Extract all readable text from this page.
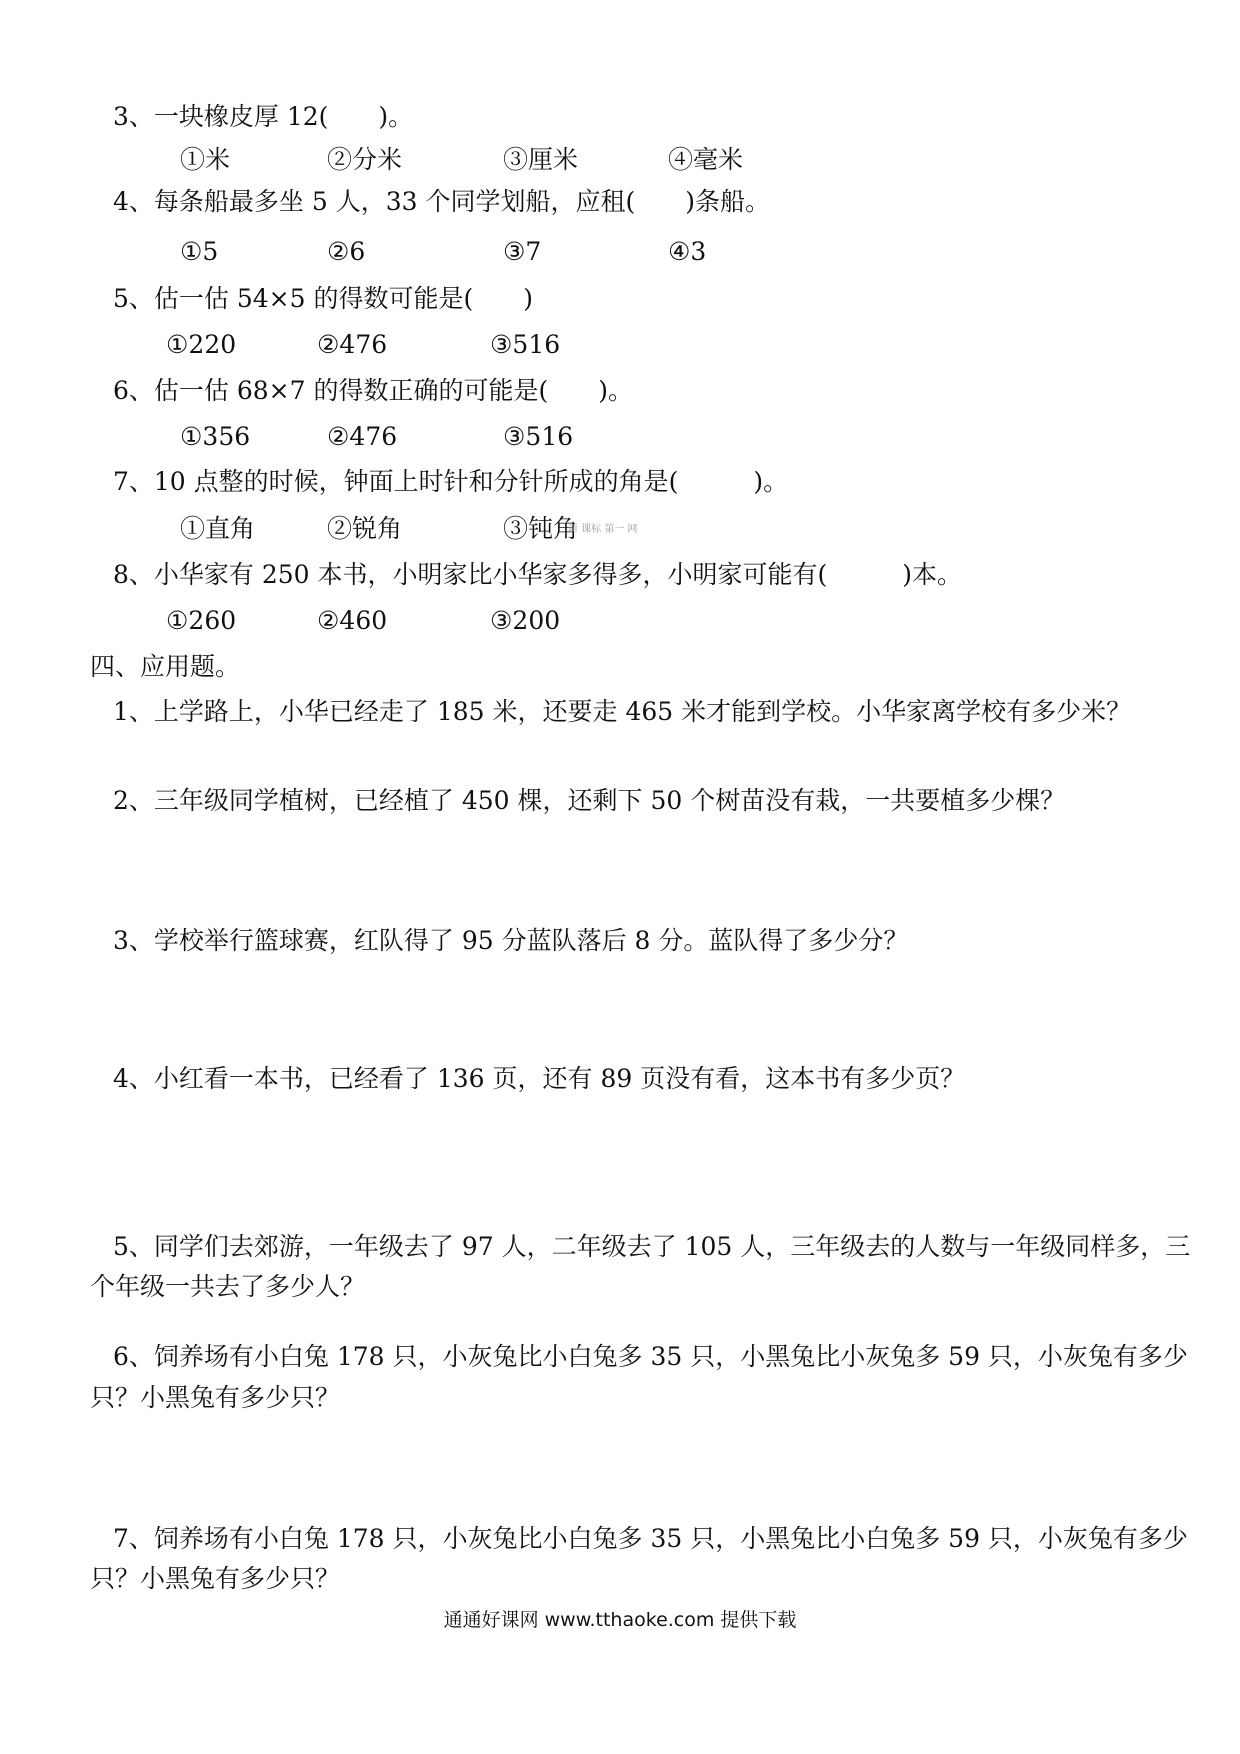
3、一块橡皮厚 12(　　)。
①米	②分米	③厘米	④毫米
4、每条船最多坐 5 人，33 个同学划船，应租(　　)条船。
①5	②6	③7	④3
5、估一估 54×5 的得数可能是(　　)
①220	②476	③516
6、估一估 68×7 的得数正确的可能是(　　)。
①356	②476	③516
7、10 点整的时候，钟面上时针和分针所成的角是(　　　)。
①直角	②锐角	③钝角
新 课标 第一 网
8、小华家有 250 本书，小明家比小华家多得多，小明家可能有(　　　)本。
①260	②460	③200
四、应用题。
1、上学路上，小华已经走了 185 米，还要走 465 米才能到学校。小华家离学校有多少米？
2、三年级同学植树，已经植了 450 棵，还剩下 50 个树苗没有栽，一共要植多少棵？
3、学校举行篮球赛，红队得了 95 分蓝队落后 8 分。蓝队得了多少分？
4、小红看一本书，已经看了 136 页，还有 89 页没有看，这本书有多少页？
5、同学们去郊游，一年级去了 97 人，二年级去了 105 人，三年级去的人数与一年级同样多，三
个年级一共去了多少人？
6、饲养场有小白兔 178 只，小灰兔比小白兔多 35 只，小黑兔比小灰兔多 59 只，小灰兔有多少
只？小黑兔有多少只？
7、饲养场有小白兔 178 只，小灰兔比小白兔多 35 只，小黑兔比小白兔多 59 只，小灰兔有多少
只？小黑兔有多少只？
通通好课网 www.tthaoke.com 提供下载
